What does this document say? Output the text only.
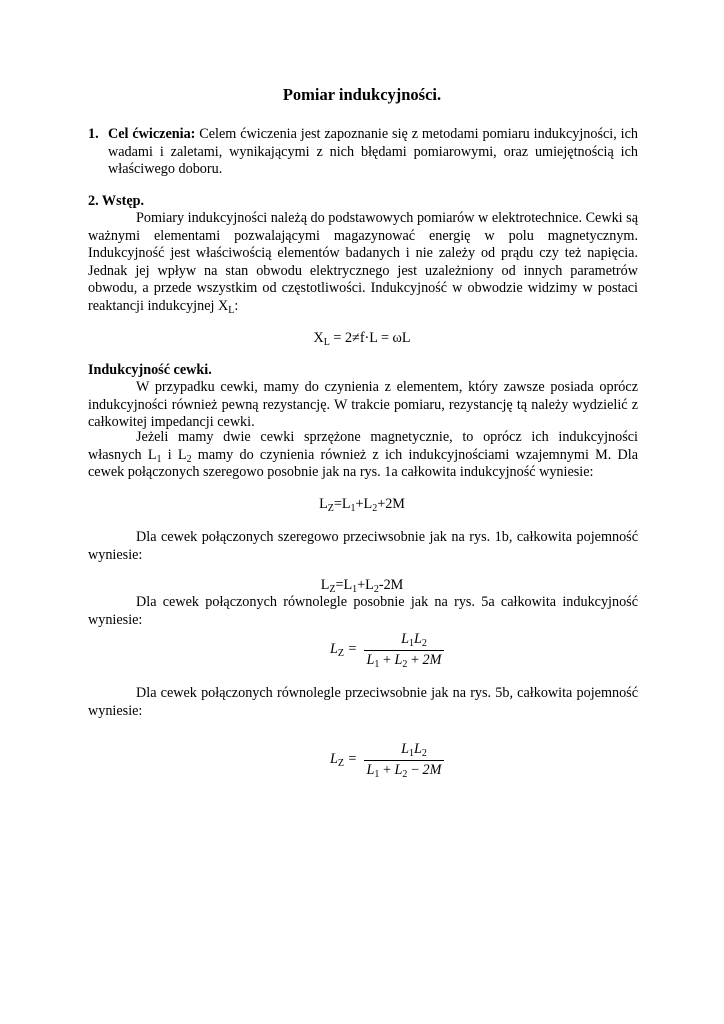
Pomiar indukcyjności.
1. Cel ćwiczenia: Celem ćwiczenia jest zapoznanie się z metodami pomiaru indukcyjności, ich wadami i zaletami, wynikającymi z nich błędami pomiarowymi, oraz umiejętnością ich właściwego doboru.
2. Wstęp.
Pomiary indukcyjności należą do podstawowych pomiarów w elektrotechnice. Cewki są ważnymi elementami pozwalającymi magazynować energię w polu magnetycznym. Indukcyjność jest właściwością elementów badanych i nie zależy od prądu czy też napięcia. Jednak jej wpływ na stan obwodu elektrycznego jest uzależniony od innych parametrów obwodu, a przede wszystkim od częstotliwości. Indukcyjność w obwodzie widzimy w postaci reaktancji indukcyjnej $X_L$:
$X_L = 2\ne f\cdot L = \omega L$
Indukcyjność cewki.
W przypadku cewki, mamy do czynienia z elementem, który zawsze posiada oprócz indukcyjności również pewną rezystancję. W trakcie pomiaru, rezystancję tą należy wydzielić z całkowitej impedancji cewki.
Jeżeli mamy dwie cewki sprzężone magnetycznie, to oprócz ich indukcyjności własnych $L_1$ i $L_2$ mamy do czynienia również z ich indukcyjnościami wzajemnymi M. Dla cewek połączonych szeregowo posobnie jak na rys. 1a całkowita indukcyjność wyniesie:
$L_Z=L_1+L_2+2M$
Dla cewek połączonych szeregowo przeciwsobnie jak na rys. 1b, całkowita pojemność wyniesie:
$L_Z=L_1+L_2-2M$
Dla cewek połączonych równolegle posobnie jak na rys. 5a całkowita indukcyjność wyniesie:
$L_Z$ =
$L_1L_2$
$L_1 + L_2 + 2M$
Dla cewek połączonych równolegle przeciwsobnie jak na rys. 5b, całkowita pojemność wyniesie:
$L_Z$ =
$L_1L_2$
$L_1 + L_2 - 2M$
